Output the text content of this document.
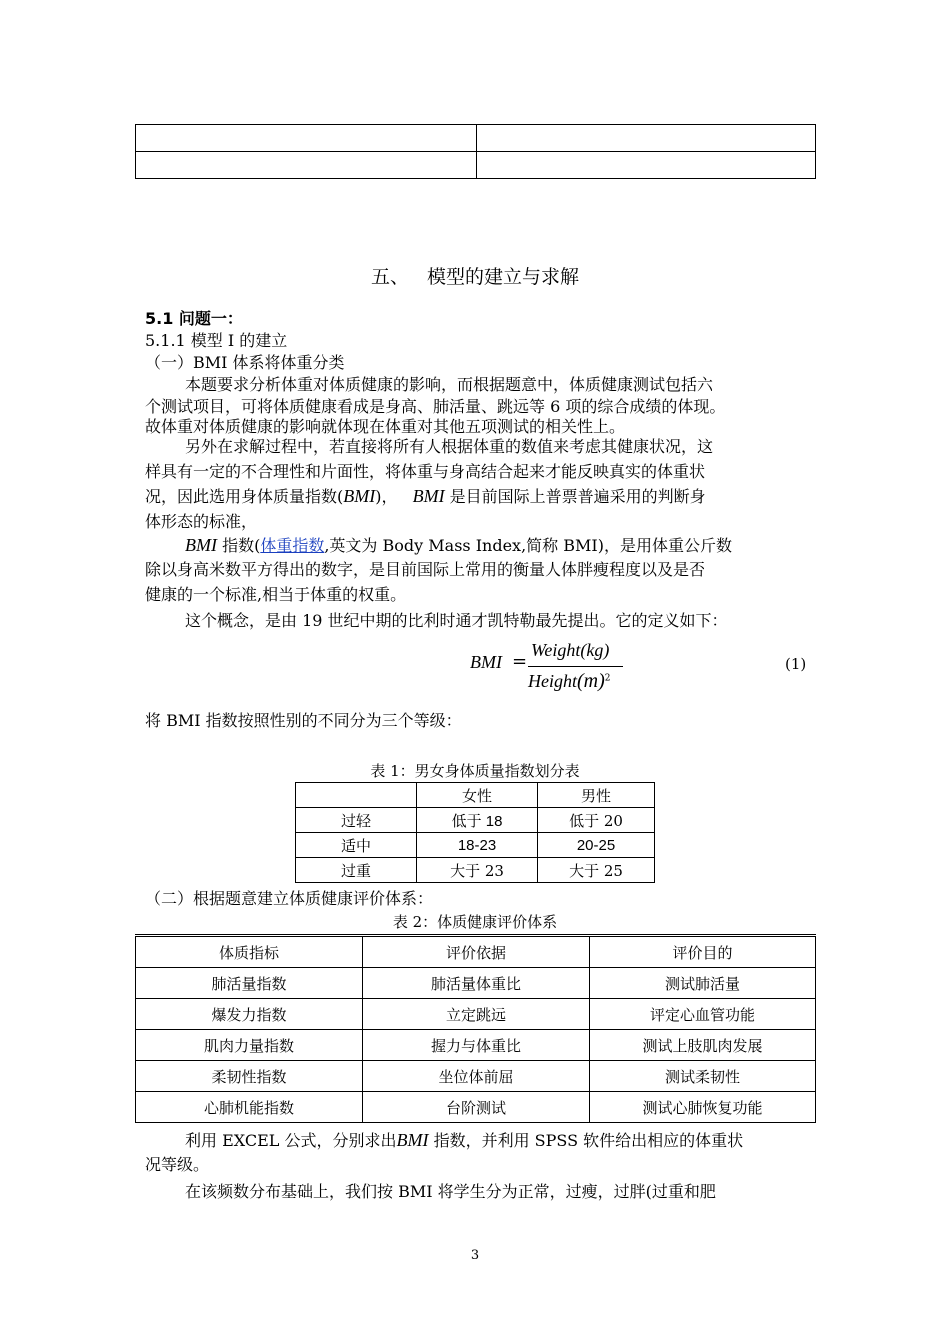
五、   模型的建立与求解
5.1 问题一：
5.1.1 模型 I 的建立
（一）BMI 体系将体重分类
本题要求分析体重对体质健康的影响，而根据题意中，体质健康测试包括六
个测试项目，可将体质健康看成是身高、肺活量、跳远等 6 项的综合成绩的体现。
故体重对体质健康的影响就体现在体重对其他五项测试的相关性上。
另外在求解过程中，若直接将所有人根据体重的数值来考虑其健康状况，这
样具有一定的不合理性和片面性，将体重与身高结合起来才能反映真实的体重状
况，因此选用身体质量指数(BMI)， BMI 是目前国际上普票普遍采用的判断身
体形态的标准，
BMI 指数(体重指数,英文为 Body Mass Index,简称 BMI)，是用体重公斤数
除以身高米数平方得出的数字，是目前国际上常用的衡量人体胖瘦程度以及是否
健康的一个标准,相当于体重的权重。
这个概念，是由 19 世纪中期的比利时通才凯特勒最先提出。它的定义如下：
BMI =
Weight(kg)
$Height(m)^2$
(1)
将 BMI 指数按照性别的不同分为三个等级：
表 1：男女身体质量指数划分表
	女性	男性
过轻	低于 18	低于 20
适中	18-23	20-25
过重	大于 23	大于 25
（二）根据题意建立体质健康评价体系：
表 2：体质健康评价体系
体质指标	评价依据	评价目的
肺活量指数	肺活量体重比	测试肺活量
爆发力指数	立定跳远	评定心血管功能
肌肉力量指数	握力与体重比	测试上肢肌肉发展
柔韧性指数	坐位体前屈	测试柔韧性
心肺机能指数	台阶测试	测试心肺恢复功能
利用 EXCEL 公式，分别求出BMI 指数，并利用 SPSS 软件给出相应的体重状
况等级。
在该频数分布基础上，我们按 BMI 将学生分为正常，过瘦，过胖(过重和肥
3
